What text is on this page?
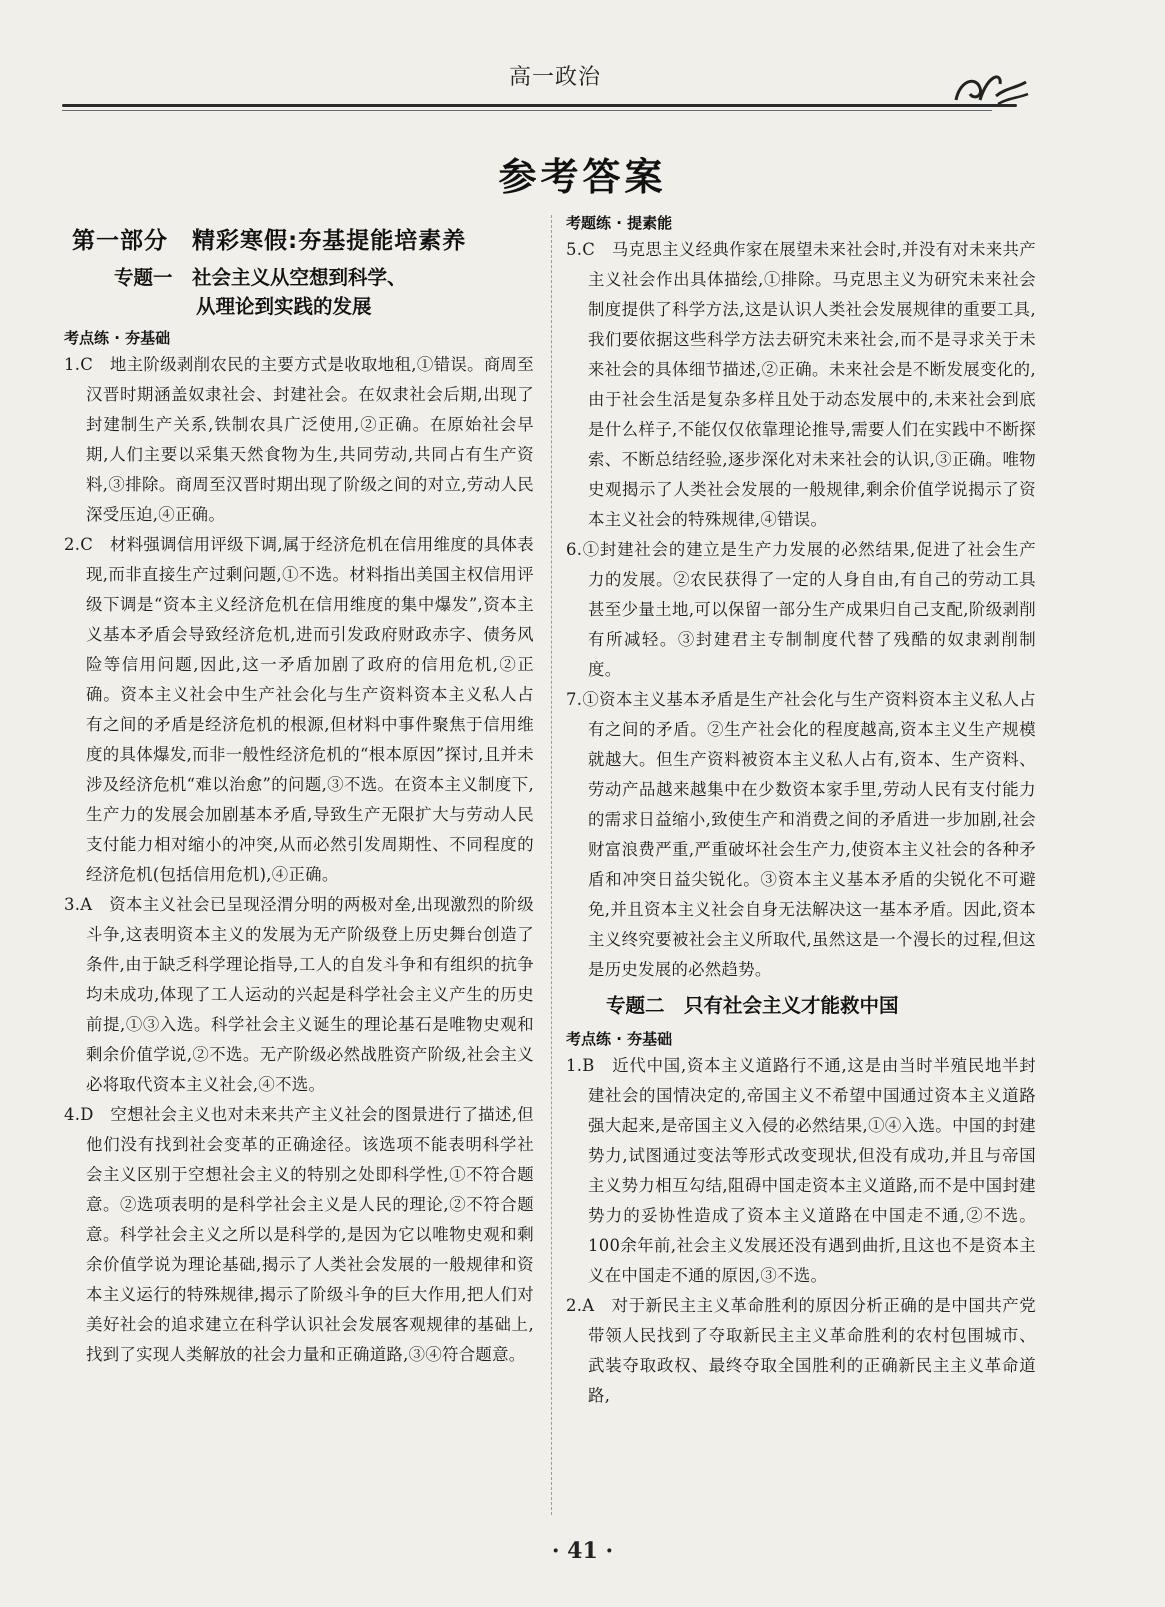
高一政治
参考答案
第一部分　精彩寒假:夯基提能培素养
专题一　社会主义从空想到科学、
从理论到实践的发展
考点练 · 夯基础

1.C　地主阶级剥削农民的主要方式是收取地租,①错误。商周至汉晋时期涵盖奴隶社会、封建社会。在奴隶社会后期,出现了封建制生产关系,铁制农具广泛使用,②正确。在原始社会早期,人们主要以采集天然食物为生,共同劳动,共同占有生产资料,③排除。商周至汉晋时期出现了阶级之间的对立,劳动人民深受压迫,④正确。

2.C　材料强调信用评级下调,属于经济危机在信用维度的具体表现,而非直接生产过剩问题,①不选。材料指出美国主权信用评级下调是“资本主义经济危机在信用维度的集中爆发”,资本主义基本矛盾会导致经济危机,进而引发政府财政赤字、债务风险等信用问题,因此,这一矛盾加剧了政府的信用危机,②正确。资本主义社会中生产社会化与生产资料资本主义私人占有之间的矛盾是经济危机的根源,但材料中事件聚焦于信用维度的具体爆发,而非一般性经济危机的“根本原因”探讨,且并未涉及经济危机“难以治愈”的问题,③不选。在资本主义制度下,生产力的发展会加剧基本矛盾,导致生产无限扩大与劳动人民支付能力相对缩小的冲突,从而必然引发周期性、不同程度的经济危机(包括信用危机),④正确。

3.A　资本主义社会已呈现泾渭分明的两极对垒,出现激烈的阶级斗争,这表明资本主义的发展为无产阶级登上历史舞台创造了条件,由于缺乏科学理论指导,工人的自发斗争和有组织的抗争均未成功,体现了工人运动的兴起是科学社会主义产生的历史前提,①③入选。科学社会主义诞生的理论基石是唯物史观和剩余价值学说,②不选。无产阶级必然战胜资产阶级,社会主义必将取代资本主义社会,④不选。

4.D　空想社会主义也对未来共产主义社会的图景进行了描述,但他们没有找到社会变革的正确途径。该选项不能表明科学社会主义区别于空想社会主义的特别之处即科学性,①不符合题意。②选项表明的是科学社会主义是人民的理论,②不符合题意。科学社会主义之所以是科学的,是因为它以唯物史观和剩余价值学说为理论基础,揭示了人类社会发展的一般规律和资本主义运行的特殊规律,揭示了阶级斗争的巨大作用,把人们对美好社会的追求建立在科学认识社会发展客观规律的基础上,找到了实现人类解放的社会力量和正确道路,③④符合题意。

考题练 · 提素能

5.C　马克思主义经典作家在展望未来社会时,并没有对未来共产主义社会作出具体描绘,①排除。马克思主义为研究未来社会制度提供了科学方法,这是认识人类社会发展规律的重要工具,我们要依据这些科学方法去研究未来社会,而不是寻求关于未来社会的具体细节描述,②正确。未来社会是不断发展变化的,由于社会生活是复杂多样且处于动态发展中的,未来社会到底是什么样子,不能仅仅依靠理论推导,需要人们在实践中不断探索、不断总结经验,逐步深化对未来社会的认识,③正确。唯物史观揭示了人类社会发展的一般规律,剩余价值学说揭示了资本主义社会的特殊规律,④错误。

6.①封建社会的建立是生产力发展的必然结果,促进了社会生产力的发展。②农民获得了一定的人身自由,有自己的劳动工具甚至少量土地,可以保留一部分生产成果归自己支配,阶级剥削有所减轻。③封建君主专制制度代替了残酷的奴隶剥削制度。

7.①资本主义基本矛盾是生产社会化与生产资料资本主义私人占有之间的矛盾。②生产社会化的程度越高,资本主义生产规模就越大。但生产资料被资本主义私人占有,资本、生产资料、劳动产品越来越集中在少数资本家手里,劳动人民有支付能力的需求日益缩小,致使生产和消费之间的矛盾进一步加剧,社会财富浪费严重,严重破坏社会生产力,使资本主义社会的各种矛盾和冲突日益尖锐化。③资本主义基本矛盾的尖锐化不可避免,并且资本主义社会自身无法解决这一基本矛盾。因此,资本主义终究要被社会主义所取代,虽然这是一个漫长的过程,但这是历史发展的必然趋势。

专题二　只有社会主义才能救中国
考点练 · 夯基础

1.B　近代中国,资本主义道路行不通,这是由当时半殖民地半封建社会的国情决定的,帝国主义不希望中国通过资本主义道路强大起来,是帝国主义入侵的必然结果,①④入选。中国的封建势力,试图通过变法等形式改变现状,但没有成功,并且与帝国主义势力相互勾结,阻碍中国走资本主义道路,而不是中国封建势力的妥协性造成了资本主义道路在中国走不通,②不选。100余年前,社会主义发展还没有遇到曲折,且这也不是资本主义在中国走不通的原因,③不选。

2.A　对于新民主主义革命胜利的原因分析正确的是中国共产党带领人民找到了夺取新民主主义革命胜利的农村包围城市、武装夺取政权、最终夺取全国胜利的正确新民主主义革命道路,

· 41 ·
